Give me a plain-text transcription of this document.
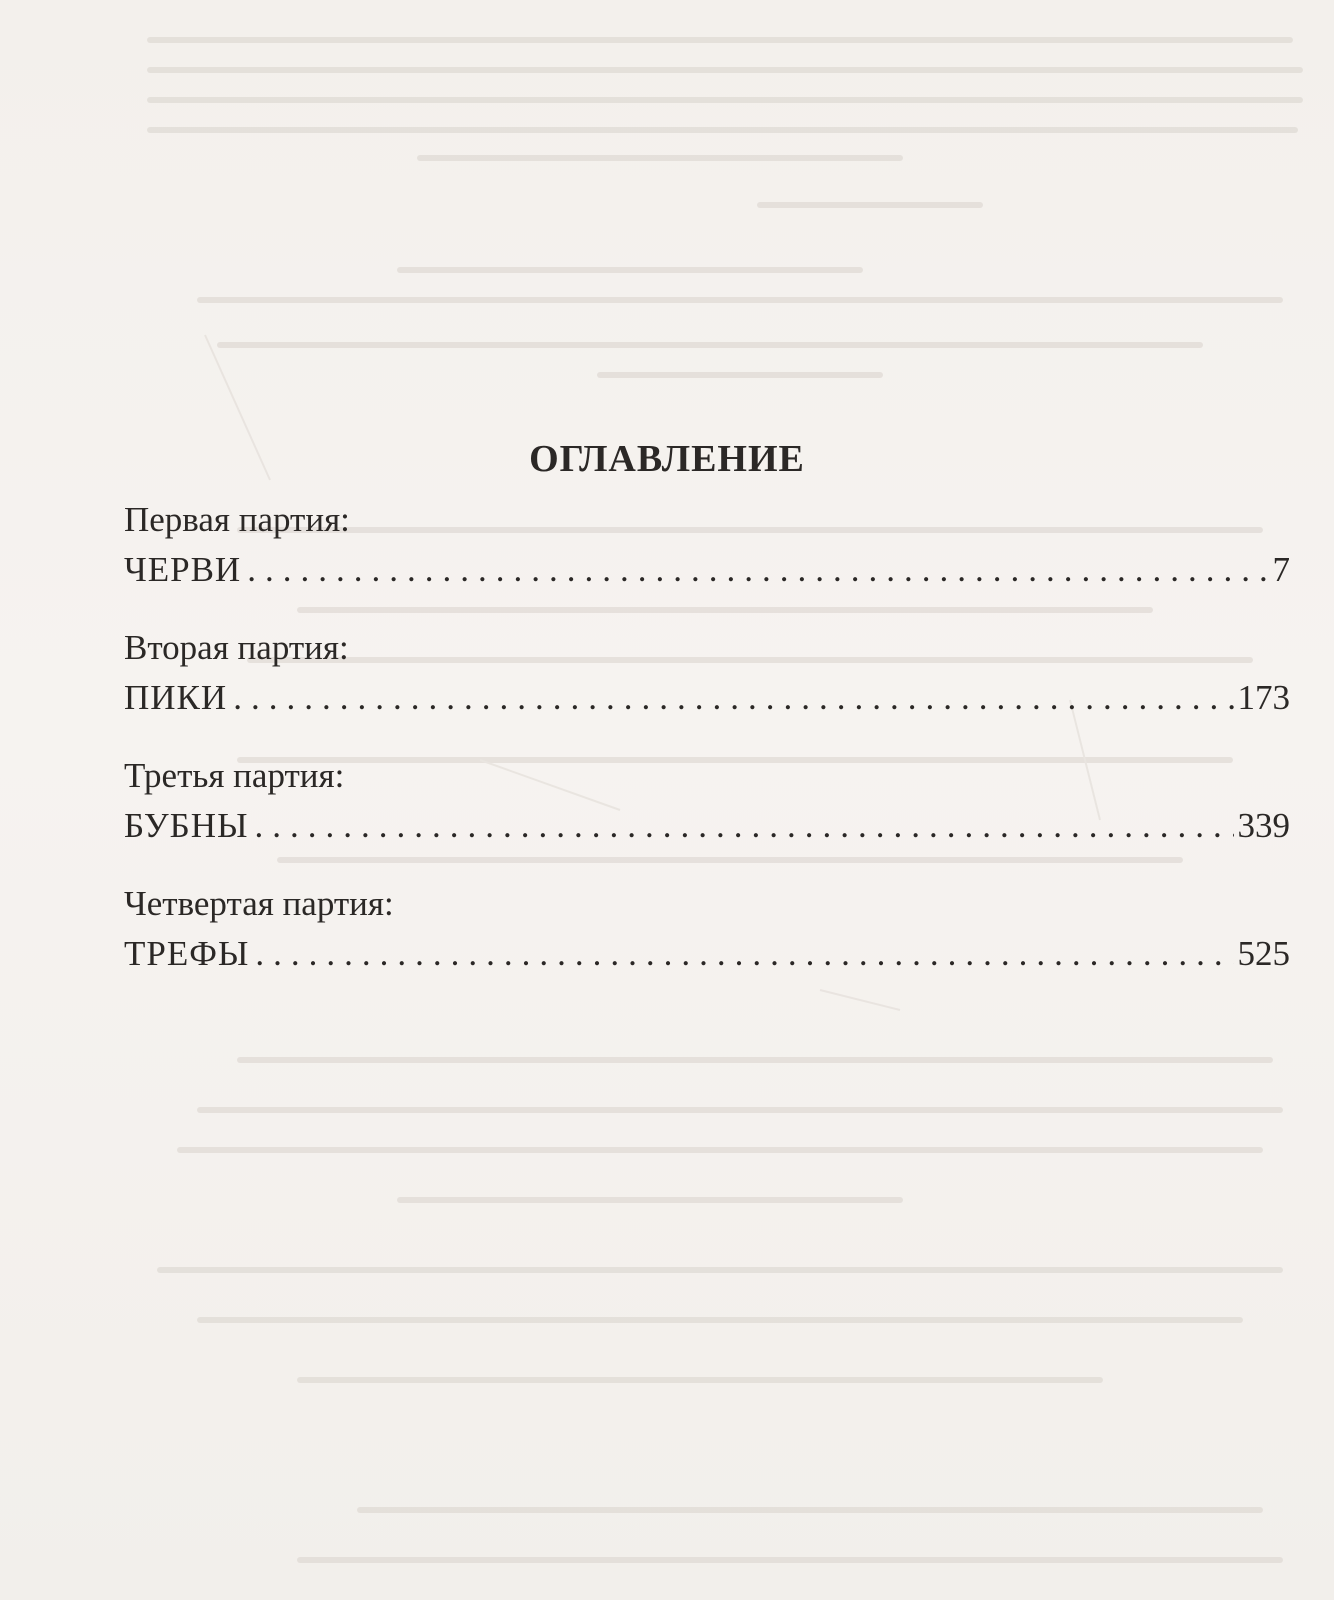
ОГЛАВЛЕНИЕ
Первая партия:
ЧЕРВИ .....	7
Вторая партия:
ПИКИ .....	173
Третья партия:
БУБНЫ .....	339
Четвертая партия:
ТРЕФЫ .....	525
